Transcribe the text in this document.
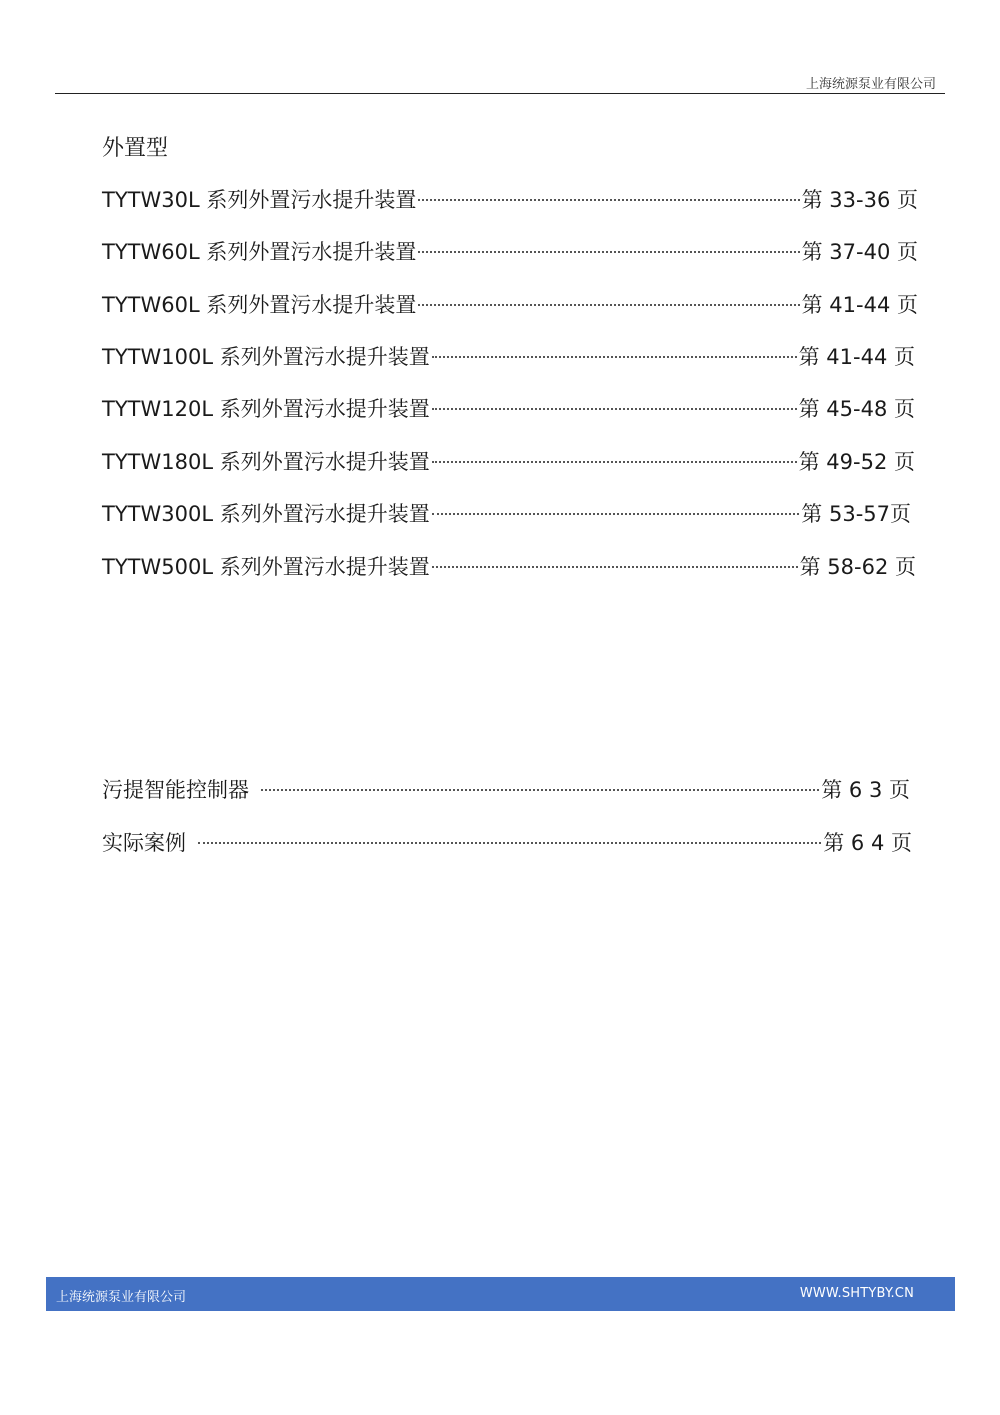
上海统源泵业有限公司
外置型
TYTW30L 系列外置污水提升装置	第 33-36 页
TYTW60L 系列外置污水提升装置	第 37-40 页
TYTW60L 系列外置污水提升装置	第 41-44 页
TYTW100L 系列外置污水提升装置	第 41-44 页
TYTW120L 系列外置污水提升装置	第 45-48 页
TYTW180L 系列外置污水提升装置	第 49-52 页
TYTW300L 系列外置污水提升装置	第 53-57页
TYTW500L 系列外置污水提升装置	第 58-62 页
污提智能控制器	第 6 3 页
实际案例	第 6 4 页
上海统源泵业有限公司	WWW.SHTYBY.CN
